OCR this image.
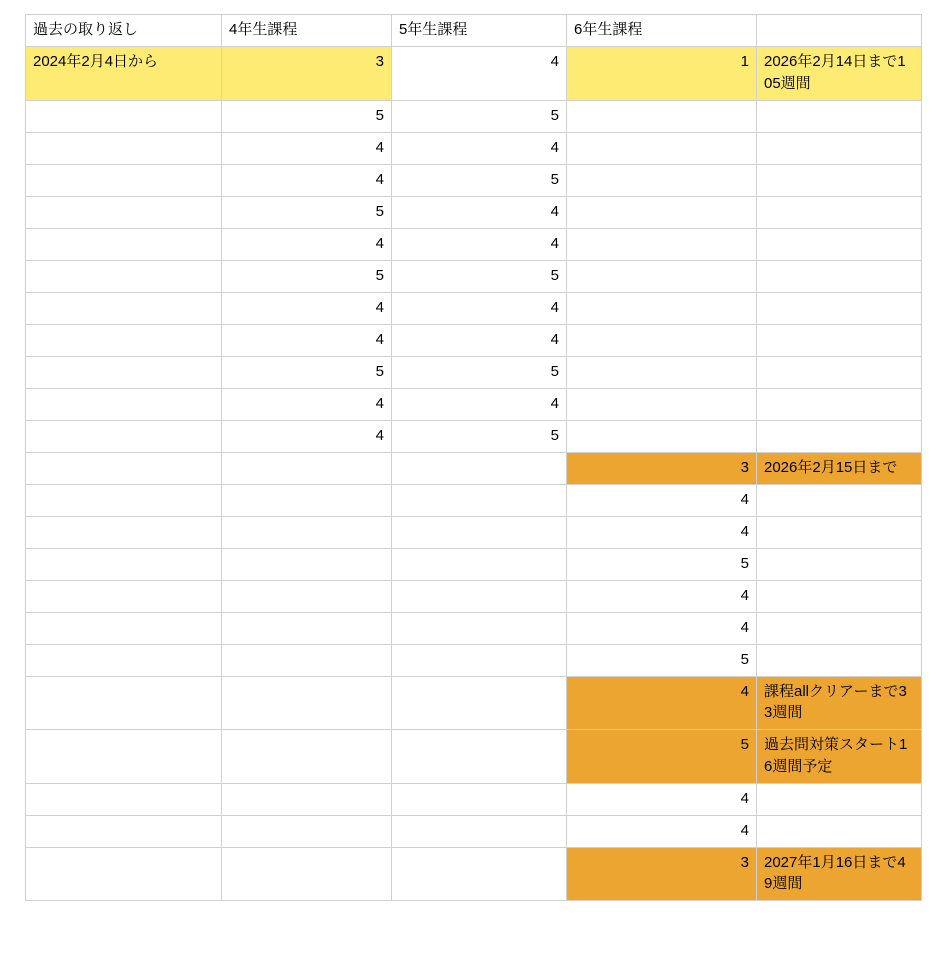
過去の取り返し	4年生課程	5年生課程	6年生課程	
2024年2月4日から	3	4	1	2026年2月14日まで105週間
	5	5		
	4	4		
	4	5		
	5	4		
	4	4		
	5	5		
	4	4		
	4	4		
	5	5		
	4	4		
	4	5		
			3	2026年2月15日まで
			4	
			4	
			5	
			4	
			4	
			5	
			4	課程allクリアーまで33週間
			5	過去問対策スタート16週間予定
			4	
			4	
			3	2027年1月16日まで49週間
